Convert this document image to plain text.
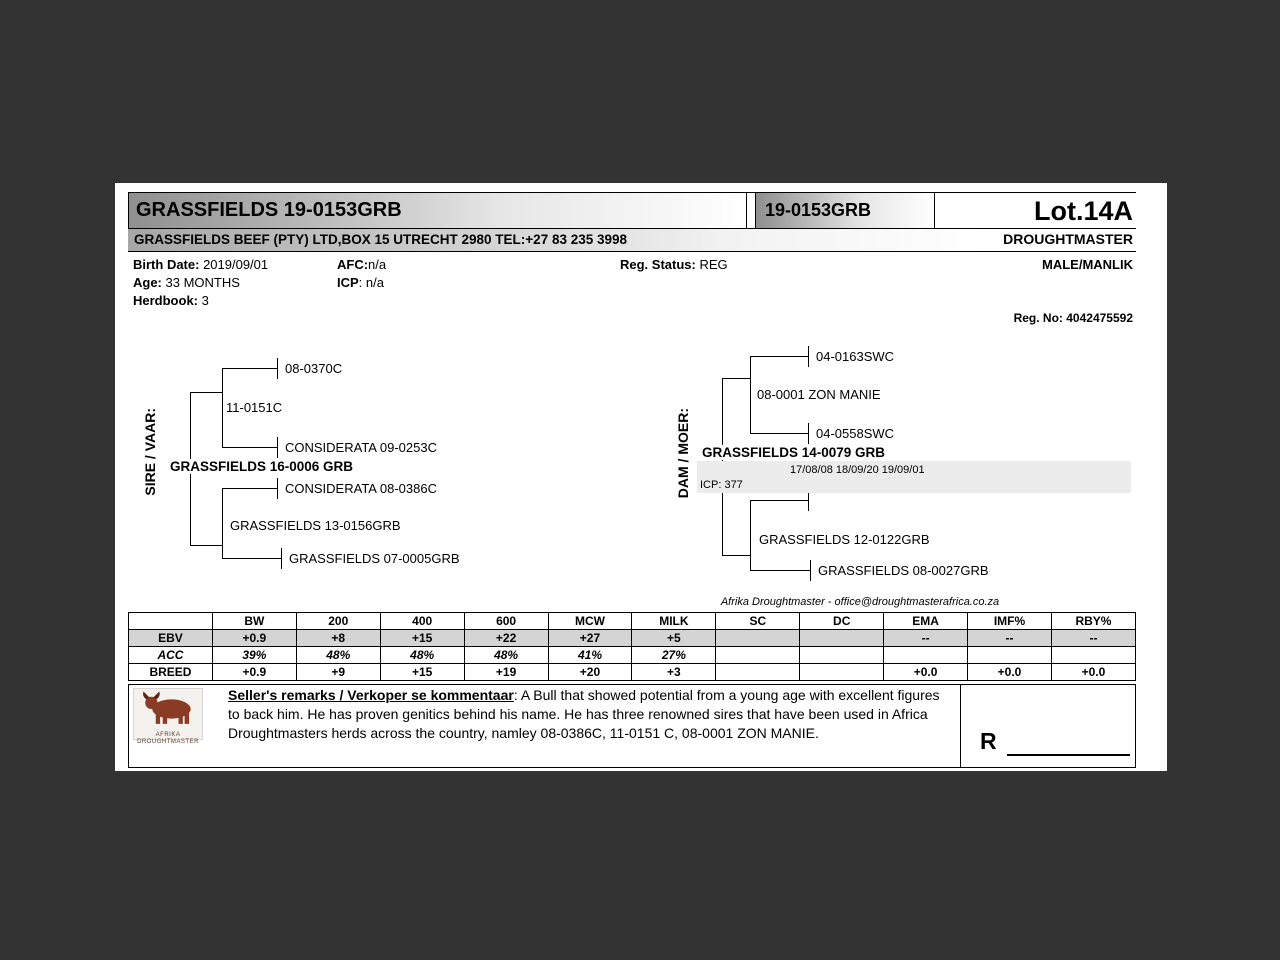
GRASSFIELDS 19-0153GRB	19-0153GRB	Lot.14A
GRASSFIELDS BEEF (PTY) LTD,BOX 15 UTRECHT 2980 TEL:+27 83 235 3998	DROUGHTMASTER
Birth Date: 2019/09/01	AFC:n/a	Reg. Status: REG	MALE/MANLIK
Age: 33 MONTHS	ICP: n/a
Herdbook: 3
Reg. No: 4042475592
SIRE / VAAR:	DAM / MOER:
08-0370C
11-0151C
CONSIDERATA 09-0253C
GRASSFIELDS 16-0006 GRB
CONSIDERATA 08-0386C
GRASSFIELDS 13-0156GRB
GRASSFIELDS 07-0005GRB
04-0163SWC
08-0001 ZON MANIE
04-0558SWC
GRASSFIELDS 14-0079 GRB
17/08/08 18/09/20 19/09/01
ICP: 377
GRASSFIELDS 12-0122GRB
GRASSFIELDS 08-0027GRB
Afrika Droughtmaster - office@droughtmasterafrica.co.za
	BW	200	400	600	MCW	MILK	SC	DC	EMA	IMF%	RBY%
EBV	+0.9	+8	+15	+22	+27	+5			--	--	--
ACC	39%	48%	48%	48%	41%	27%					
BREED	+0.9	+9	+15	+19	+20	+3			+0.0	+0.0	+0.0
AFRIKA DROUGHTMASTER
Seller's remarks / Verkoper se kommentaar: A Bull that showed potential from a young age with excellent figures to back him. He has proven genitics behind his name. He has three renowned sires that have been used in Africa Droughtmasters herds across the country, namley 08-0386C, 11-0151 C, 08-0001 ZON MANIE.	R
